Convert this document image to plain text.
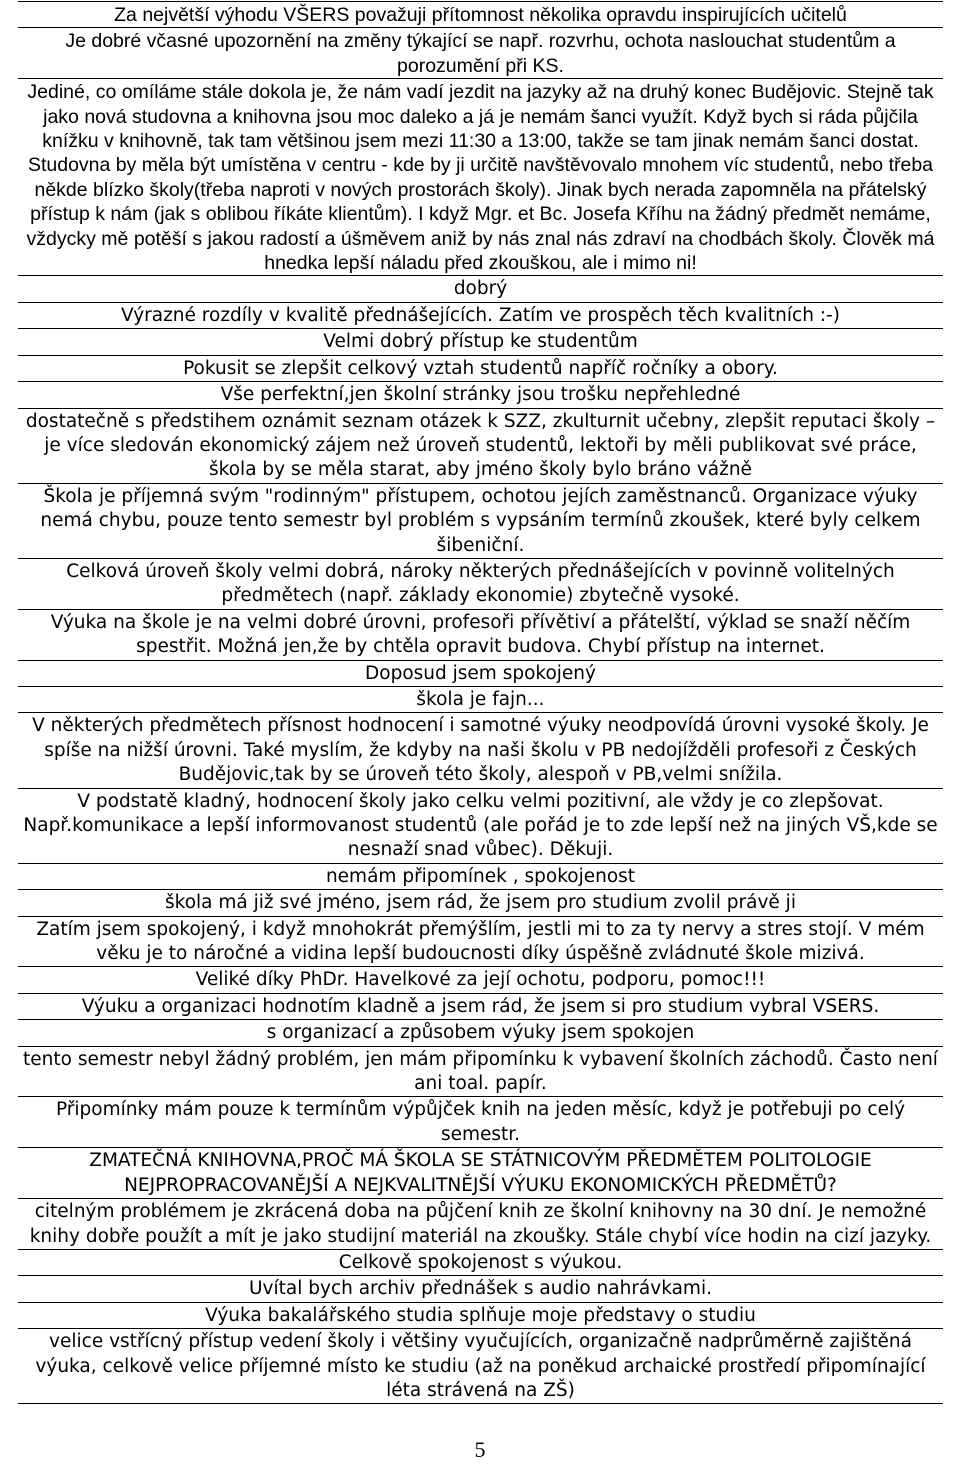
Za největší výhodu VŠERS považuji přítomnost několika opravdu inspirujících učitelů
Je dobré včasné upozornění na změny týkající se např. rozvrhu, ochota naslouchat studentům a porozumění při KS.
Jediné, co omíláme stále dokola je, že nám vadí jezdit na jazyky až na druhý konec Budějovic. Stejně tak jako nová studovna a knihovna jsou moc daleko a já je nemám šanci využít. Když bych si ráda půjčila knížku v knihovně, tak tam většinou jsem mezi 11:30 a 13:00, takže se tam jinak nemám šanci dostat. Studovna by měla být umístěna v centru - kde by ji určitě navštěvovalo mnohem víc studentů, nebo třeba někde blízko školy(třeba naproti v nových prostorách školy). Jinak bych nerada zapomněla na přátelský přístup k nám (jak s oblibou říkáte klientům). I když Mgr. et Bc. Josefa Kříhu na žádný předmět nemáme, vždycky mě potěší s jakou radostí a úšměvem aniž by nás znal nás zdraví na chodbách školy. Člověk má hnedka lepší náladu před zkouškou, ale i mimo ni!
dobrý
Výrazné rozdíly v kvalitě přednášejících. Zatím ve prospěch těch kvalitních :-)
Velmi dobrý přístup ke studentům
Pokusit se zlepšit celkový vztah studentů napříč ročníky a obory.
Vše perfektní,jen školní stránky jsou trošku nepřehledné
dostatečně s předstihem oznámit seznam otázek k SZZ, zkulturnit učebny, zlepšit reputaci školy – je více sledován ekonomický zájem než úroveň studentů, lektoři by měli publikovat své práce, škola by se měla starat, aby jméno školy bylo bráno vážně
Škola je příjemná svým "rodinným" přístupem, ochotou jejích zaměstnanců. Organizace výuky nemá chybu, pouze tento semestr byl problém s vypsáním termínů zkoušek, které byly celkem šibeniční.
Celková úroveň školy velmi dobrá, nároky některých přednášejících v povinně volitelných předmětech (např. základy ekonomie) zbytečně vysoké.
Výuka na škole je na velmi dobré úrovni, profesoři přívětiví a přátelští, výklad se snaží něčím spestřit. Možná jen,že by chtěla opravit budova. Chybí přístup na internet.
Doposud jsem spokojený
škola je fajn...
V některých předmětech přísnost hodnocení i samotné výuky neodpovídá úrovni vysoké školy. Je spíše na nižší úrovni. Také myslím, že kdyby na naši školu v PB nedojížděli profesoři z Českých Budějovic,tak by se úroveň této školy, alespoň v PB,velmi snížila.
V podstatě kladný, hodnocení školy jako celku velmi pozitivní, ale vždy je co zlepšovat. Např.komunikace a lepší informovanost studentů (ale pořád je to zde lepší než na jiných VŠ,kde se nesnaží snad vůbec). Děkuji.
nemám připomínek , spokojenost
škola má již své jméno, jsem rád, že jsem pro studium zvolil právě ji
Zatím jsem spokojený, i když mnohokrát přemýšlím, jestli mi to za ty nervy a stres stojí. V mém věku je to náročné a vidina lepší budoucnosti díky úspěšně zvládnuté škole mizivá.
Veliké díky PhDr. Havelkové za její ochotu, podporu, pomoc!!!
Výuku a organizaci hodnotím kladně a jsem rád, že jsem si pro studium vybral VSERS.
s organizací a způsobem výuky jsem spokojen
tento semestr nebyl žádný problém, jen mám připomínku k vybavení školních záchodů. Často není ani toal. papír.
Připomínky mám pouze k termínům výpůjček knih na jeden měsíc, když je potřebuji po celý semestr.
ZMATEČNÁ KNIHOVNA,PROČ MÁ ŠKOLA SE STÁTNICOVÝM PŘEDMĚTEM POLITOLOGIE NEJPROPRACOVANĚJŠÍ A NEJKVALITNĚJŠÍ VÝUKU EKONOMICKÝCH PŘEDMĚTŮ?
citelným problémem je zkrácená doba na půjčení knih ze školní knihovny na 30 dní. Je nemožné knihy dobře použít a mít je jako studijní materiál na zkoušky. Stále chybí více hodin na cizí jazyky.
Celkově spokojenost s výukou.
Uvítal bych archiv přednášek s audio nahrávkami.
Výuka bakalářského studia splňuje moje představy o studiu
velice vstřícný přístup vedení školy i většiny vyučujících, organizačně nadprůměrně zajištěná výuka, celkově velice příjemné místo ke studiu (až na poněkud archaické prostředí připomínající léta strávená na ZŠ)
5
